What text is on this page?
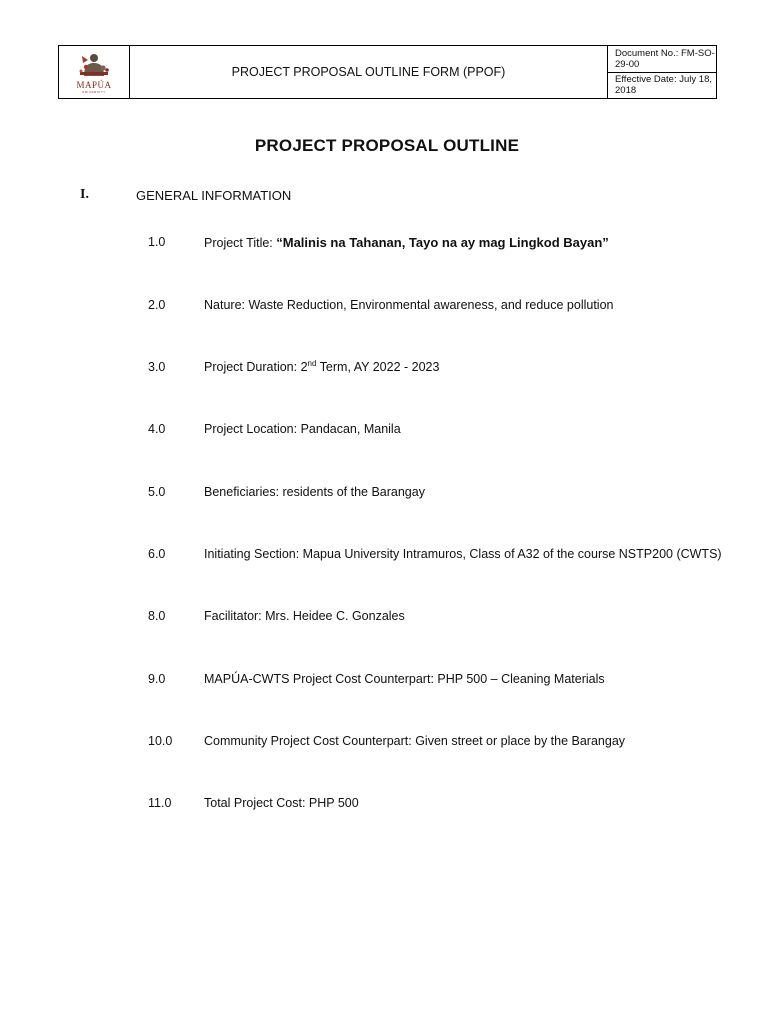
MAPÚA
UNIVERSITY
PROJECT PROPOSAL OUTLINE FORM (PPOF)
Document No.: FM-SO-29-00
Effective Date: July 18, 2018
PROJECT PROPOSAL OUTLINE
I.	GENERAL INFORMATION
1.0	Project Title: “Malinis na Tahanan, Tayo na ay mag Lingkod Bayan”
2.0	Nature: Waste Reduction, Environmental awareness, and reduce pollution
3.0	Project Duration: 2nd Term, AY 2022 - 2023
4.0	Project Location: Pandacan, Manila
5.0	Beneficiaries: residents of the Barangay
6.0	Initiating Section: Mapua University Intramuros, Class of A32 of the course NSTP200 (CWTS)
8.0	Facilitator: Mrs. Heidee C. Gonzales
9.0	MAPÚA-CWTS Project Cost Counterpart: PHP 500 – Cleaning Materials
10.0	Community Project Cost Counterpart: Given street or place by the Barangay
11.0	Total Project Cost: PHP 500
